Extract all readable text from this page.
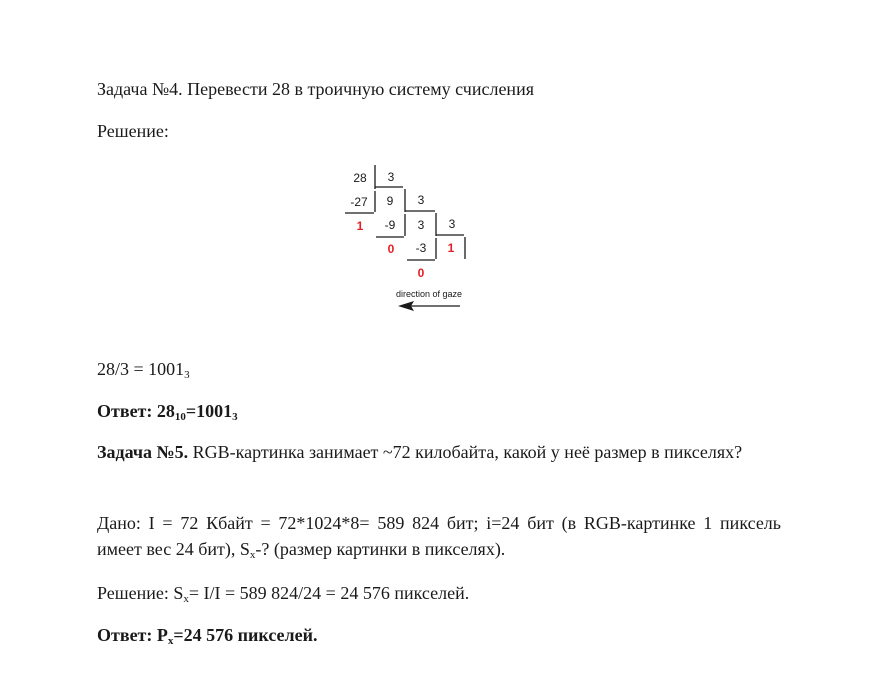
Задача №4. Перевести 28 в троичную систему счисления

Решение:

28 3
-27 9 3
1 -9 3 3
0 -3 1
0
direction of gaze

$28/3 = 1001_3$

Ответ: $28_{10}=1001_3$

Задача №5. RGB-картинка занимает ~72 килобайта, какой у неё размер в пикселях?

Дано: I = 72 Кбайт = 72*1024*8= 589 824 бит; i=24 бит (в RGB-картинке 1 пиксель имеет вес 24 бит), $S_x-$? (размер картинки в пикселях).

Решение: $S_x= I/I = 589$ 824/24 = 24 576 пикселей.

Ответ: $P_x=24$ 576 пикселей.
